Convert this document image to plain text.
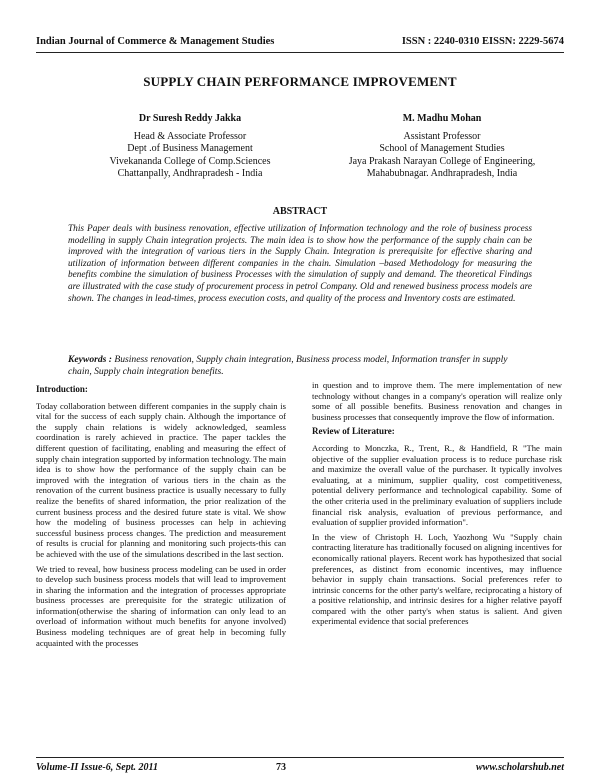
Indian Journal of Commerce & Management Studies	ISSN : 2240-0310 EISSN: 2229-5674
SUPPLY CHAIN PERFORMANCE IMPROVEMENT
Dr Suresh Reddy Jakka
Head & Associate Professor
Dept .of Business Management
Vivekananda College of Comp.Sciences
Chattanpally, Andhrapradesh - India
M. Madhu Mohan
Assistant Professor
School of Management Studies
Jaya Prakash Narayan College of Engineering,
Mahabubnagar. Andhrapradesh, India
ABSTRACT
This Paper deals with business renovation, effective utilization of Information technology and the role of business process modelling in supply Chain integration projects. The main idea is to show how the performance of the supply chain can be improved with the integration of various tiers in the Supply Chain. Integration is prerequisite for effective sharing and utilization of information between different companies in the chain. Simulation –based Methodology for measuring the benefits combine the simulation of business Processes with the simulation of supply and demand. The theoretical Findings are illustrated with the case study of procurement process in petrol Company. Old and renewed business process models are shown. The changes in lead-times, process execution costs, and quality of the process and Inventory costs are estimated.
Keywords : Business renovation, Supply chain integration, Business process model, Information transfer in supply chain, Supply chain integration benefits.
Introduction:

Today collaboration between different companies in the supply chain is vital for the success of each supply chain. Although the importance of the supply chain relations is widely acknowledged, seamless coordination is rarely achieved in practice. The paper tackles the different question of facilitating, enabling and measuring the effect of supply chain integration supported by information technology. The main idea is to show how the performance of the supply chain can be improved with the integration of various tiers in the chain as the renovation of the current business practice is usually necessary to fully realize the benefits of shared information, the prior realization of the current business process and the desired future state is vital. We show how the modeling of business processes can help in achieving successful business process changes. The prediction and measurement of results is crucial for planning and monitoring such projects-this can be achieved with the use of the simulations described in the last section.

We tried to reveal, how business process modeling can be used in order to develop such business process models that will lead to improvement in sharing the information and the integration of processes appropriate business processes are prerequisite for the strategic utilization of information(otherwise the sharing of information can only lead to an overload of information without much benefits for anyone involved) Business modeling techniques are of great help in becoming fully acquainted with the processes

in question and to improve them. The mere implementation of new technology without changes in a company's operation will realize only some of all possible benefits. Business renovation and changes in business processes that consequently improve the flow of information.

Review of Literature:

According to Monczka, R., Trent, R., & Handfield, R "The main objective of the supplier evaluation process is to reduce purchase risk and maximize the overall value of the purchaser. It typically involves evaluating, at a minimum, supplier quality, cost competitiveness, potential delivery performance and technological capability. Some of the other criteria used in the preliminary evaluation of suppliers include financial risk analysis, evaluation of previous performance, and evaluation of supplier provided information".

In the view of Christoph H. Loch, Yaozhong Wu "Supply chain contracting literature has traditionally focused on aligning incentives for economically rational players. Recent work has hypothesized that social preferences, as distinct from economic incentives, may influence behavior in supply chain transactions. Social preferences refer to intrinsic concerns for the other party's welfare, reciprocating a history of a positive relationship, and intrinsic desires for a higher relative payoff compared with the other party's when status is salient. And given experimental evidence that social preferences

Volume-II Issue-6, Sept. 2011	73	www.scholarshub.net
